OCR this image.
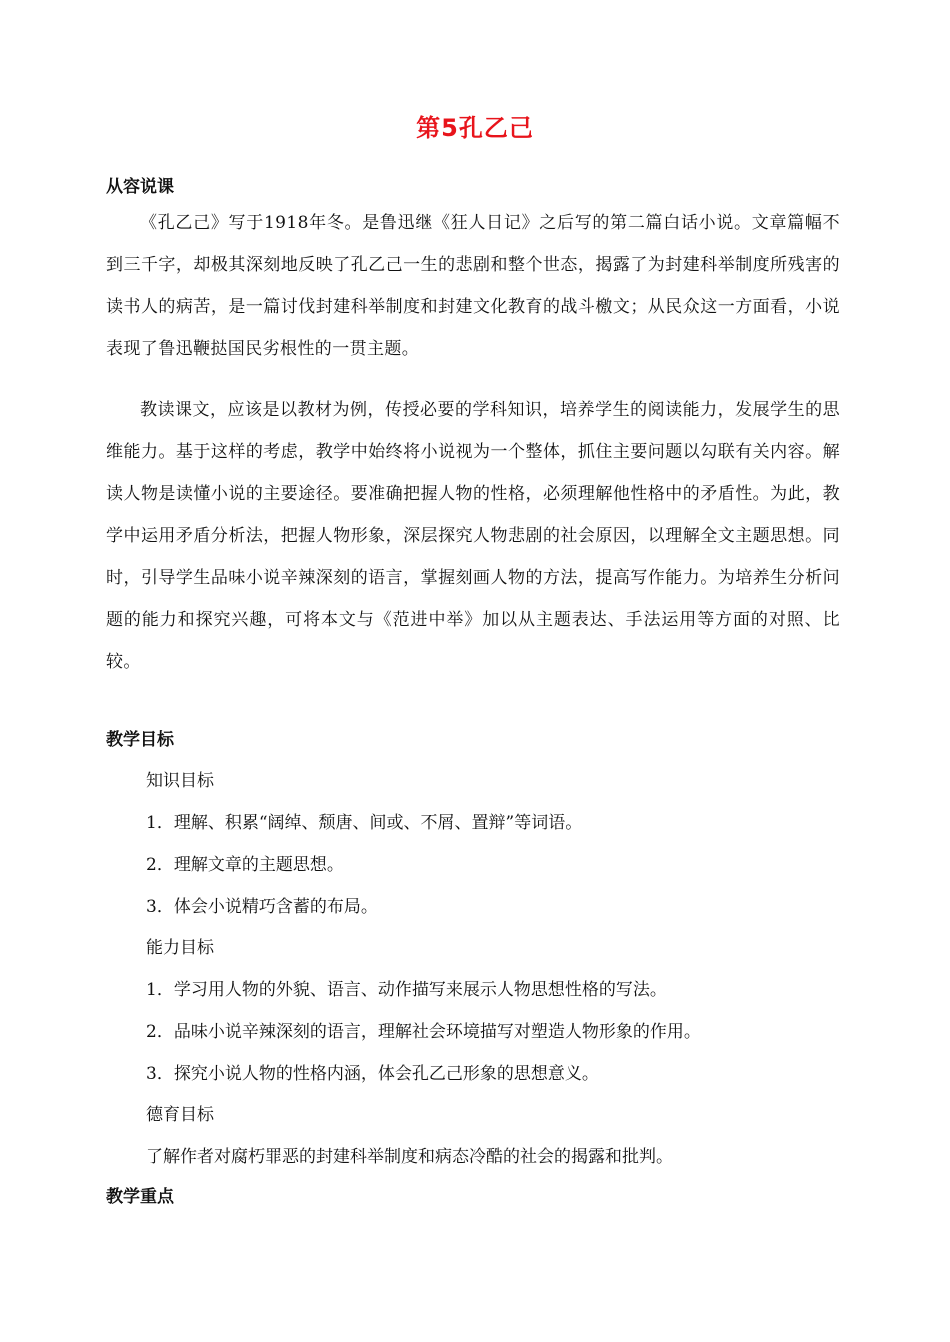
第5孔乙己
从容说课
《孔乙己》写于1918年冬。是鲁迅继《狂人日记》之后写的第二篇白话小说。文章篇幅不到三千字，却极其深刻地反映了孔乙己一生的悲剧和整个世态，揭露了为封建科举制度所残害的读书人的病苦，是一篇讨伐封建科举制度和封建文化教育的战斗檄文；从民众这一方面看，小说表现了鲁迅鞭挞国民劣根性的一贯主题。
教读课文，应该是以教材为例，传授必要的学科知识，培养学生的阅读能力，发展学生的思维能力。基于这样的考虑，教学中始终将小说视为一个整体，抓住主要问题以勾联有关内容。解读人物是读懂小说的主要途径。要准确把握人物的性格，必须理解他性格中的矛盾性。为此，教学中运用矛盾分析法，把握人物形象，深层探究人物悲剧的社会原因，以理解全文主题思想。同时，引导学生品味小说辛辣深刻的语言，掌握刻画人物的方法，提高写作能力。为培养生分析问题的能力和探究兴趣，可将本文与《范进中举》加以从主题表达、手法运用等方面的对照、比较。
教学目标
知识目标
1．理解、积累“阔绰、颓唐、间或、不屑、置辩”等词语。
2．理解文章的主题思想。
3．体会小说精巧含蓄的布局。
能力目标
1．学习用人物的外貌、语言、动作描写来展示人物思想性格的写法。
2．品味小说辛辣深刻的语言，理解社会环境描写对塑造人物形象的作用。
3．探究小说人物的性格内涵，体会孔乙己形象的思想意义。
德育目标
了解作者对腐朽罪恶的封建科举制度和病态冷酷的社会的揭露和批判。
教学重点
